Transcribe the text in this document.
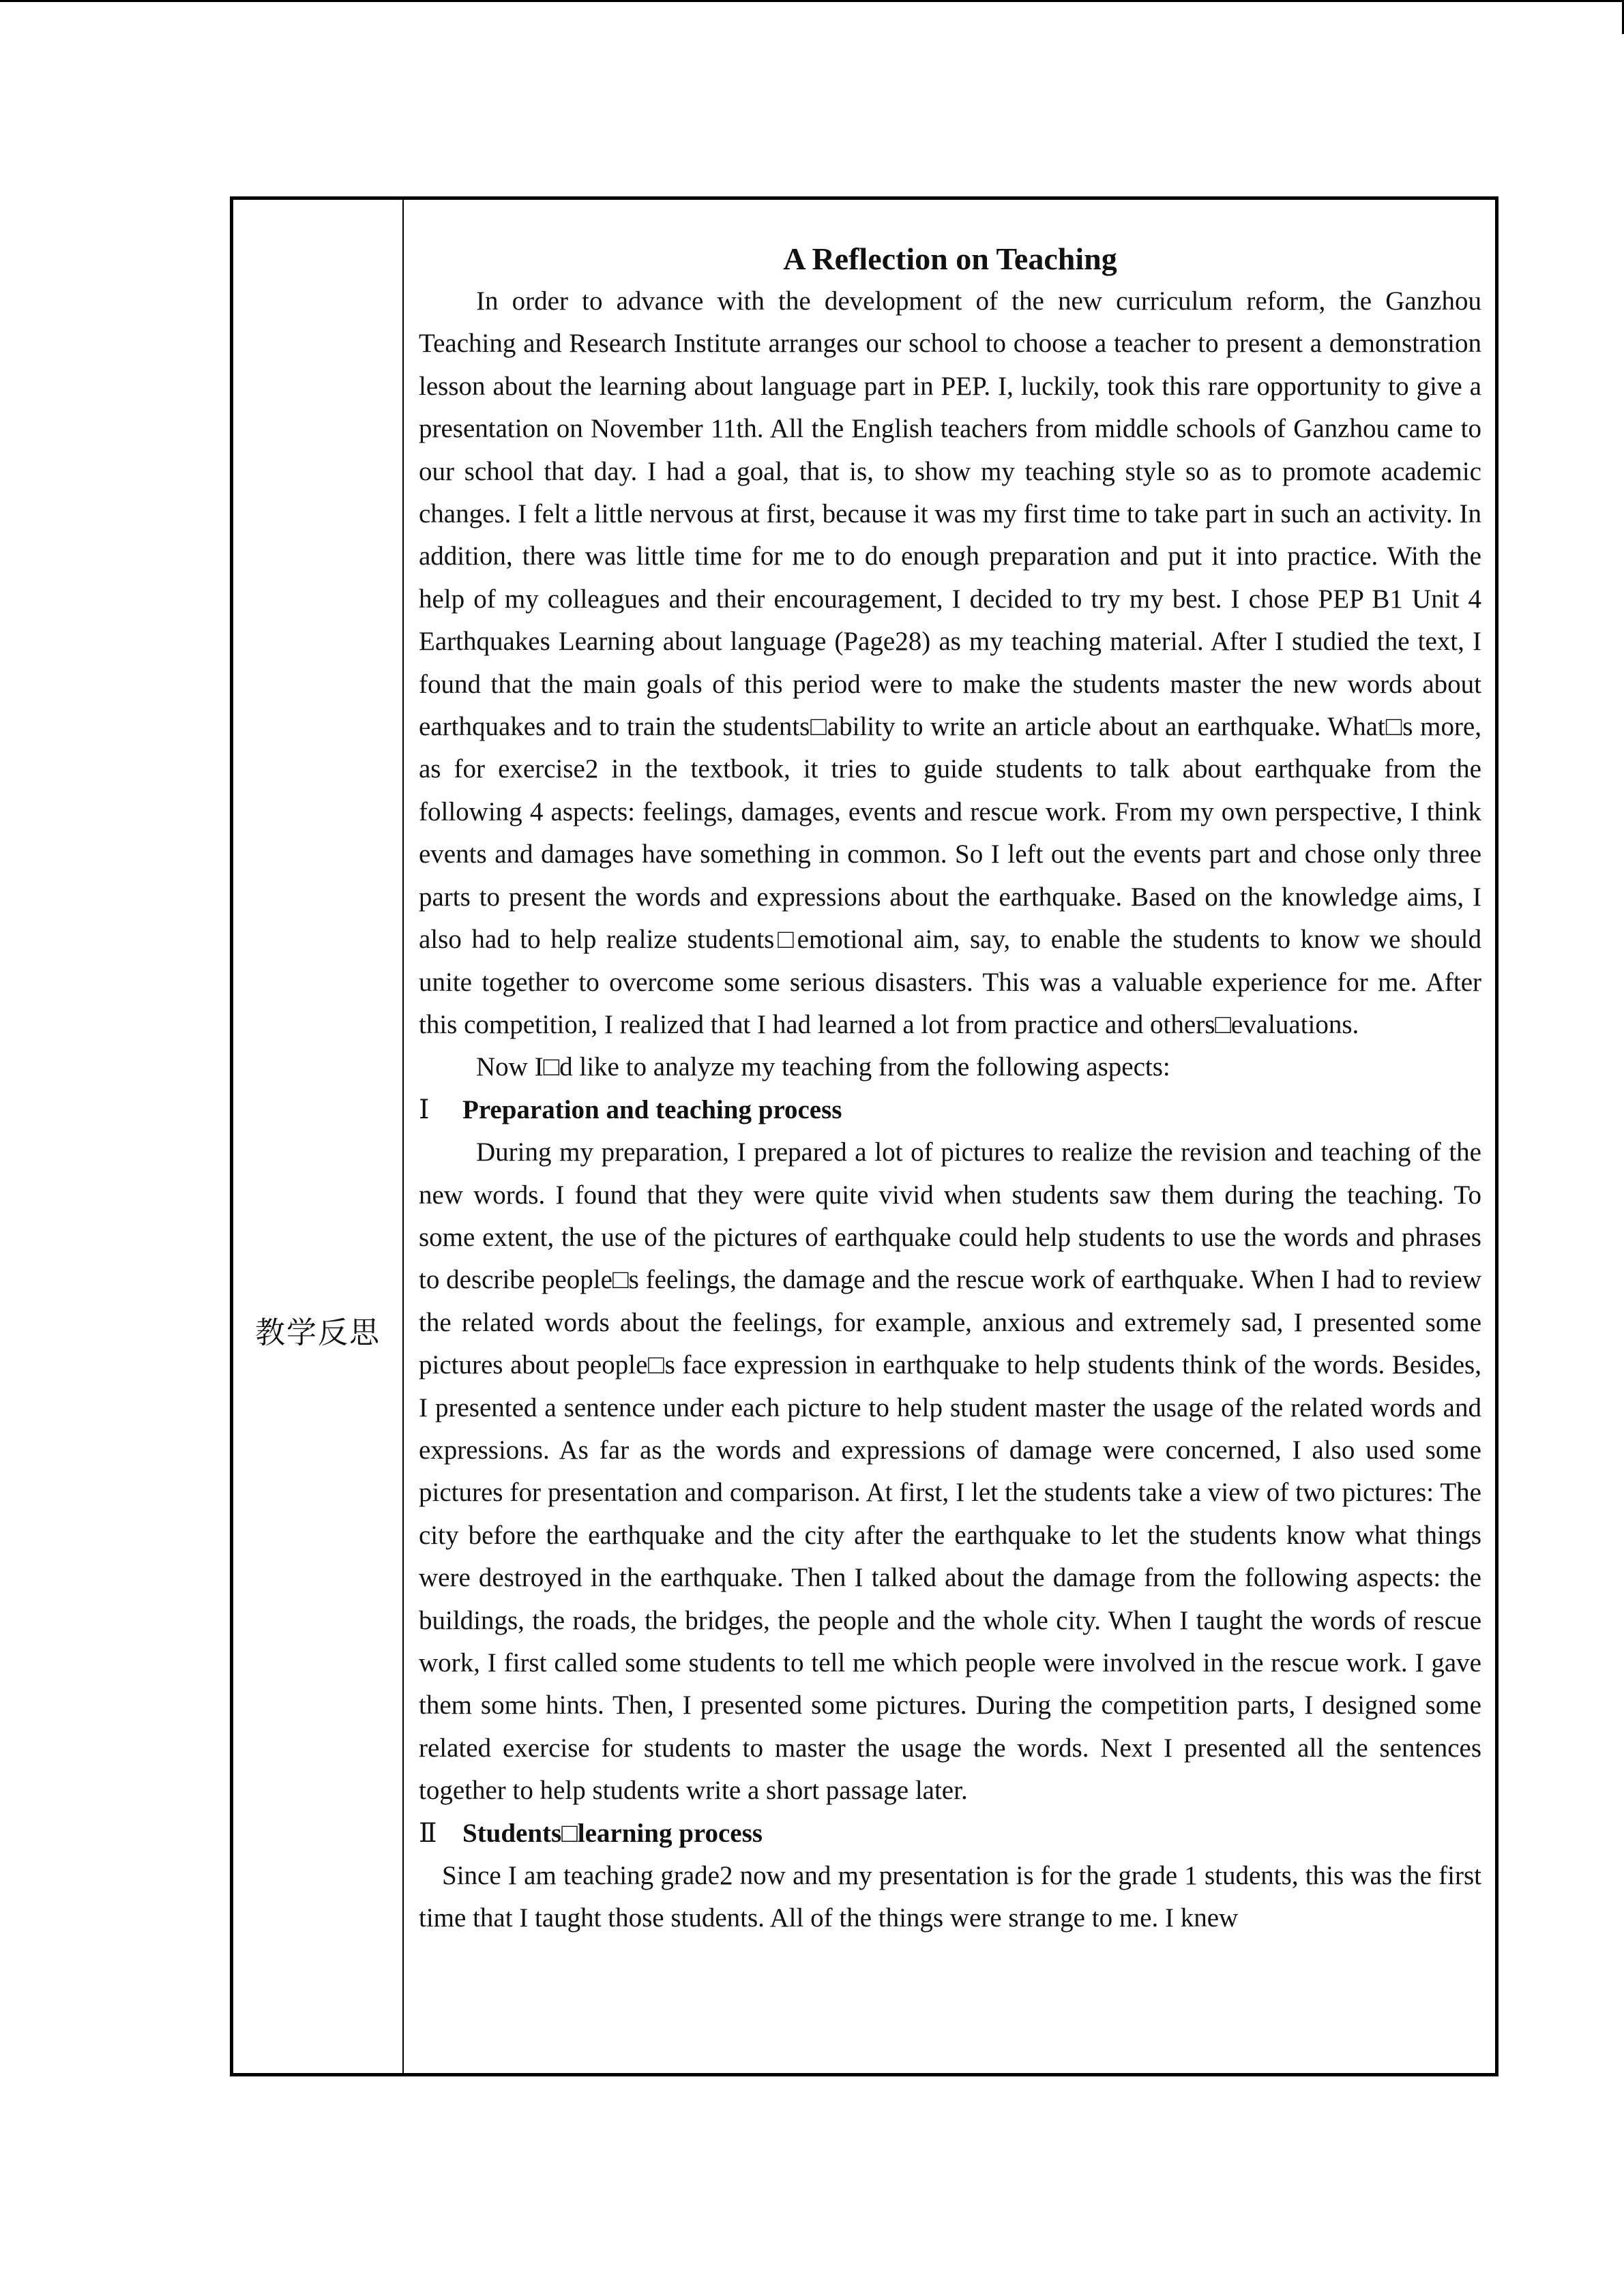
教学反思
A Reflection on Teaching

In order to advance with the development of the new curriculum reform, the Ganzhou Teaching and Research Institute arranges our school to choose a teacher to present a demonstration lesson about the learning about language part in PEP. I, luckily, took this rare opportunity to give a presentation on November 11th. All the English teachers from middle schools of Ganzhou came to our school that day. I had a goal, that is, to show my teaching style so as to promote academic changes. I felt a little nervous at first, because it was my first time to take part in such an activity. In addition, there was little time for me to do enough preparation and put it into practice. With the help of my colleagues and their encouragement, I decided to try my best. I chose PEP B1 Unit 4 Earthquakes Learning about language (Page28) as my teaching material. After I studied the text, I found that the main goals of this period were to make the students master the new words about earthquakes and to train the students□ability to write an article about an earthquake. What□s more, as for exercise2 in the textbook, it tries to guide students to talk about earthquake from the following 4 aspects: feelings, damages, events and rescue work. From my own perspective, I think events and damages have something in common. So I left out the events part and chose only three parts to present the words and expressions about the earthquake. Based on the knowledge aims, I also had to help realize students□emotional aim, say, to enable the students to know we should unite together to overcome some serious disasters. This was a valuable experience for me. After this competition, I realized that I had learned a lot from practice and others□evaluations.

Now I□d like to analyze my teaching from the following aspects:

Ⅰ Preparation and teaching process

During my preparation, I prepared a lot of pictures to realize the revision and teaching of the new words. I found that they were quite vivid when students saw them during the teaching. To some extent, the use of the pictures of earthquake could help students to use the words and phrases to describe people□s feelings, the damage and the rescue work of earthquake. When I had to review the related words about the feelings, for example, anxious and extremely sad, I presented some pictures about people□s face expression in earthquake to help students think of the words. Besides, I presented a sentence under each picture to help student master the usage of the related words and expressions. As far as the words and expressions of damage were concerned, I also used some pictures for presentation and comparison. At first, I let the students take a view of two pictures: The city before the earthquake and the city after the earthquake to let the students know what things were destroyed in the earthquake. Then I talked about the damage from the following aspects: the buildings, the roads, the bridges, the people and the whole city. When I taught the words of rescue work, I first called some students to tell me which people were involved in the rescue work. I gave them some hints. Then, I presented some pictures. During the competition parts, I designed some related exercise for students to master the usage the words. Next I presented all the sentences together to help students write a short passage later.

Ⅱ Students□learning process

Since I am teaching grade2 now and my presentation is for the grade 1 students, this was the first time that I taught those students. All of the things were strange to me. I knew
